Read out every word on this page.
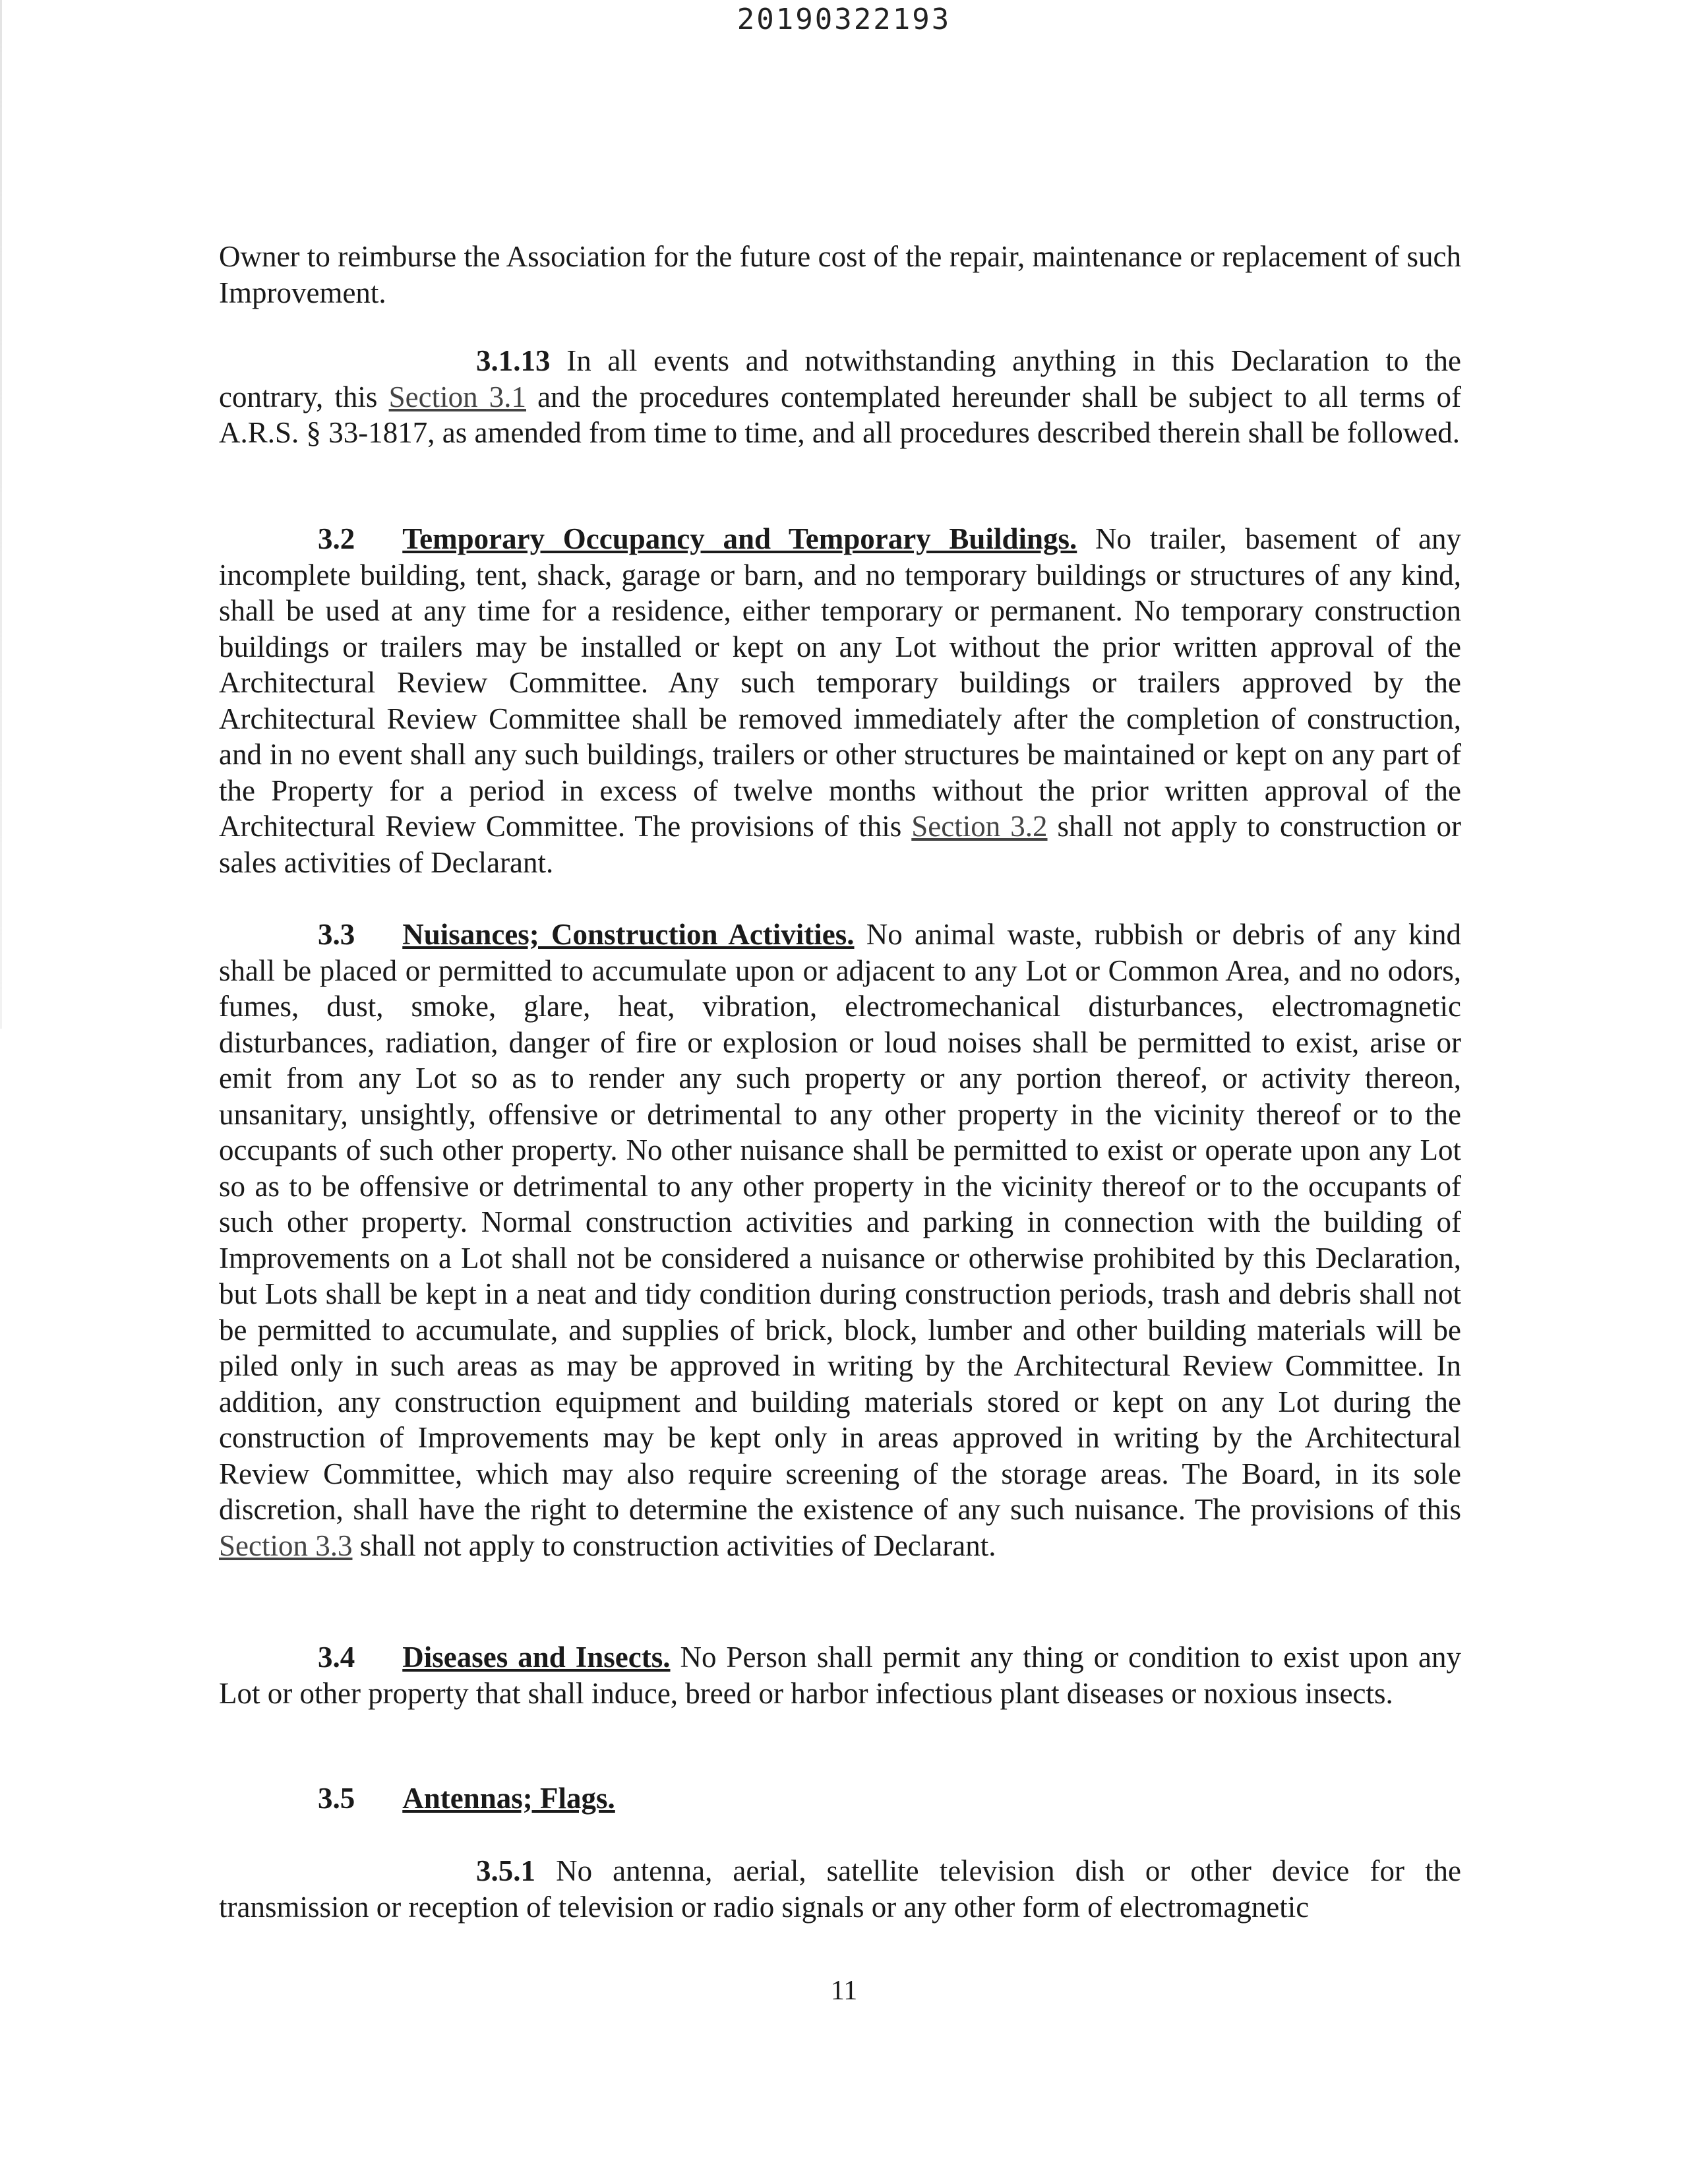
20190322193

Owner to reimburse the Association for the future cost of the repair, maintenance or replacement of such Improvement.

3.1.13 In all events and notwithstanding anything in this Declaration to the contrary, this Section 3.1 and the procedures contemplated hereunder shall be subject to all terms of A.R.S. § 33-1817, as amended from time to time, and all procedures described therein shall be followed.

3.2 Temporary Occupancy and Temporary Buildings. No trailer, basement of any incomplete building, tent, shack, garage or barn, and no temporary buildings or structures of any kind, shall be used at any time for a residence, either temporary or permanent. No temporary construction buildings or trailers may be installed or kept on any Lot without the prior written approval of the Architectural Review Committee. Any such temporary buildings or trailers approved by the Architectural Review Committee shall be removed immediately after the completion of construction, and in no event shall any such buildings, trailers or other structures be maintained or kept on any part of the Property for a period in excess of twelve months without the prior written approval of the Architectural Review Committee. The provisions of this Section 3.2 shall not apply to construction or sales activities of Declarant.

3.3 Nuisances; Construction Activities. No animal waste, rubbish or debris of any kind shall be placed or permitted to accumulate upon or adjacent to any Lot or Common Area, and no odors, fumes, dust, smoke, glare, heat, vibration, electromechanical disturbances, electromagnetic disturbances, radiation, danger of fire or explosion or loud noises shall be permitted to exist, arise or emit from any Lot so as to render any such property or any portion thereof, or activity thereon, unsanitary, unsightly, offensive or detrimental to any other property in the vicinity thereof or to the occupants of such other property. No other nuisance shall be permitted to exist or operate upon any Lot so as to be offensive or detrimental to any other property in the vicinity thereof or to the occupants of such other property. Normal construction activities and parking in connection with the building of Improvements on a Lot shall not be considered a nuisance or otherwise prohibited by this Declaration, but Lots shall be kept in a neat and tidy condition during construction periods, trash and debris shall not be permitted to accumulate, and supplies of brick, block, lumber and other building materials will be piled only in such areas as may be approved in writing by the Architectural Review Committee. In addition, any construction equipment and building materials stored or kept on any Lot during the construction of Improvements may be kept only in areas approved in writing by the Architectural Review Committee, which may also require screening of the storage areas. The Board, in its sole discretion, shall have the right to determine the existence of any such nuisance. The provisions of this Section 3.3 shall not apply to construction activities of Declarant.

3.4 Diseases and Insects. No Person shall permit any thing or condition to exist upon any Lot or other property that shall induce, breed or harbor infectious plant diseases or noxious insects.

3.5 Antennas; Flags.

3.5.1 No antenna, aerial, satellite television dish or other device for the transmission or reception of television or radio signals or any other form of electromagnetic

11
